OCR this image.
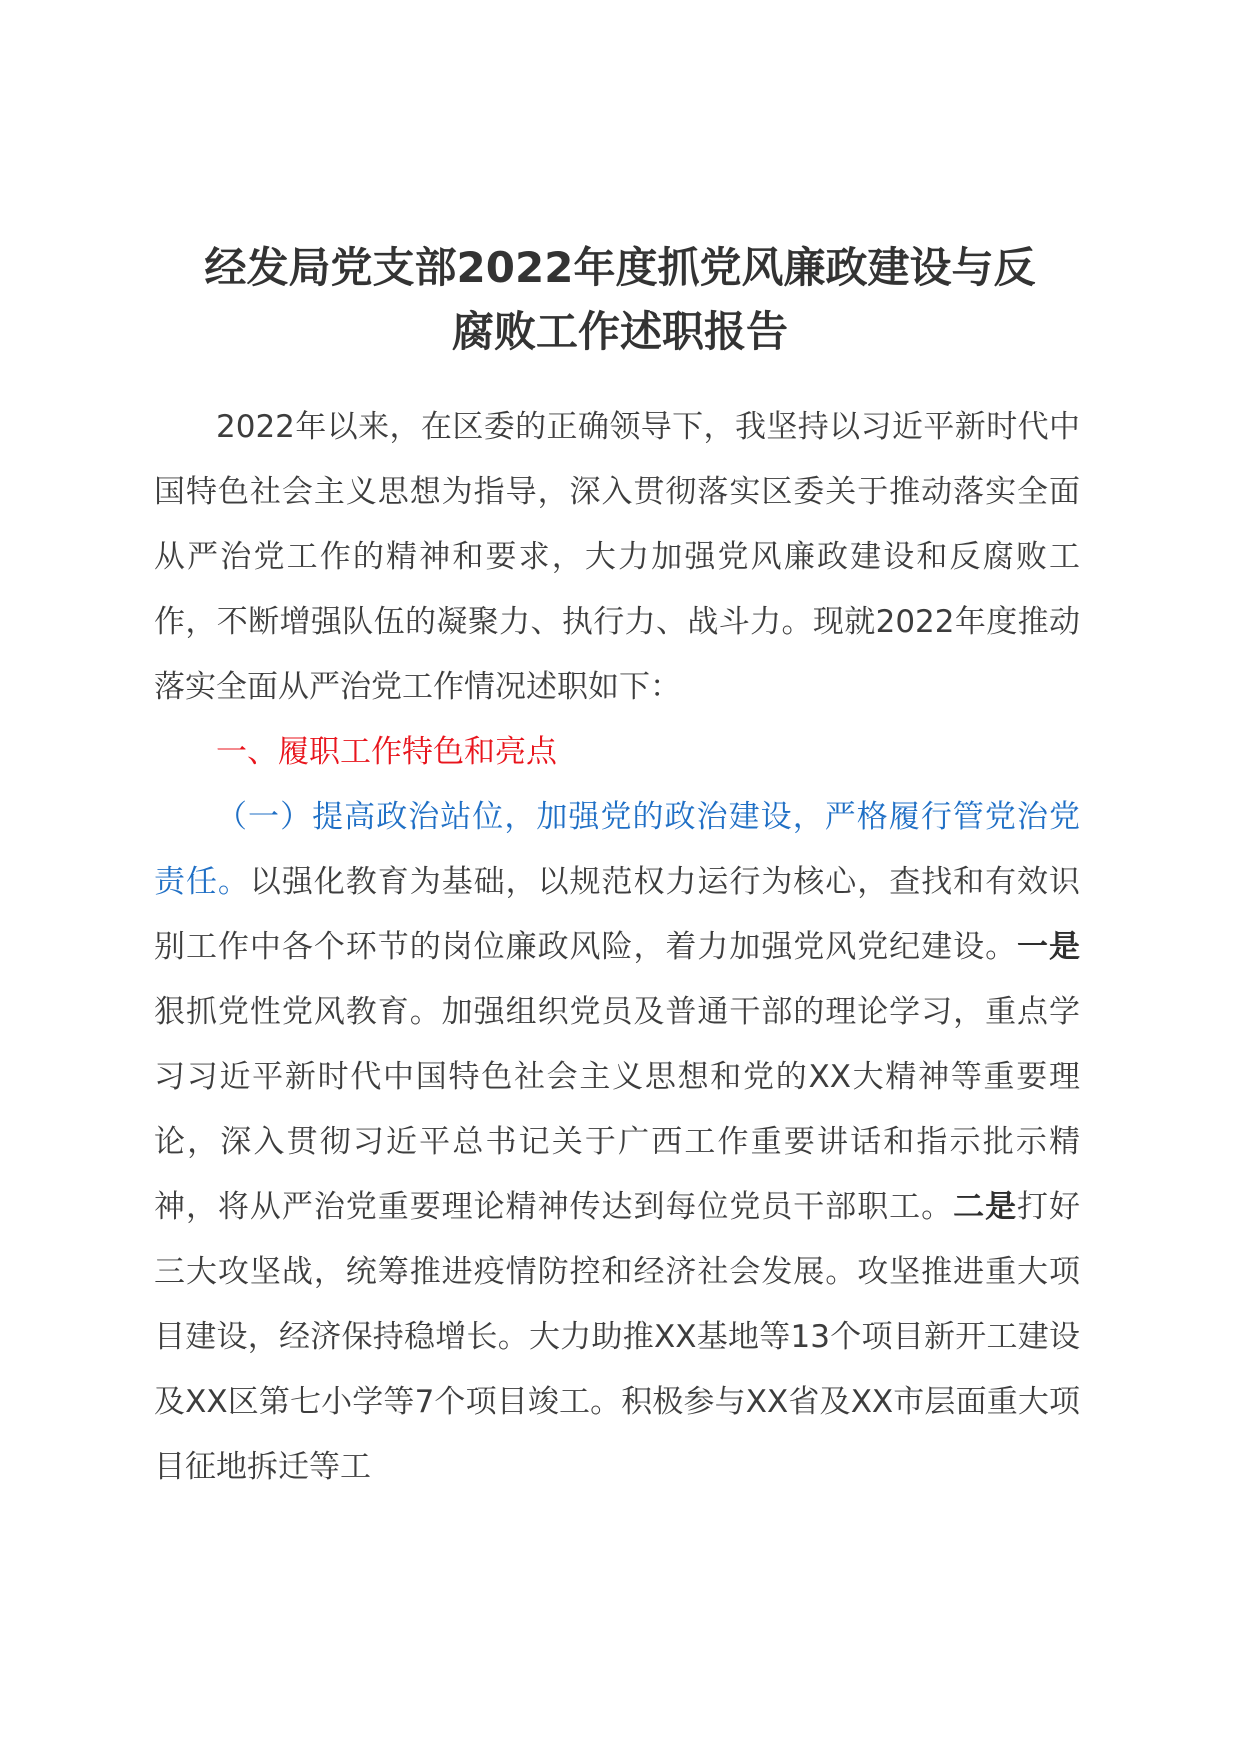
经发局党支部2022年度抓党风廉政建设与反
腐败工作述职报告

2022年以来，在区委的正确领导下，我坚持以习近平新时代中国特色社会主义思想为指导，深入贯彻落实区委关于推动落实全面从严治党工作的精神和要求，大力加强党风廉政建设和反腐败工作，不断增强队伍的凝聚力、执行力、战斗力。现就2022年度推动落实全面从严治党工作情况述职如下：

一、履职工作特色和亮点

（一）提高政治站位，加强党的政治建设，严格履行管党治党责任。以强化教育为基础，以规范权力运行为核心，查找和有效识别工作中各个环节的岗位廉政风险，着力加强党风党纪建设。一是狠抓党性党风教育。加强组织党员及普通干部的理论学习，重点学习习近平新时代中国特色社会主义思想和党的XX大精神等重要理论，深入贯彻习近平总书记关于广西工作重要讲话和指示批示精神，将从严治党重要理论精神传达到每位党员干部职工。二是打好三大攻坚战，统筹推进疫情防控和经济社会发展。攻坚推进重大项目建设，经济保持稳增长。大力助推XX基地等13个项目新开工建设及XX区第七小学等7个项目竣工。积极参与XX省及XX市层面重大项目征地拆迁等工
